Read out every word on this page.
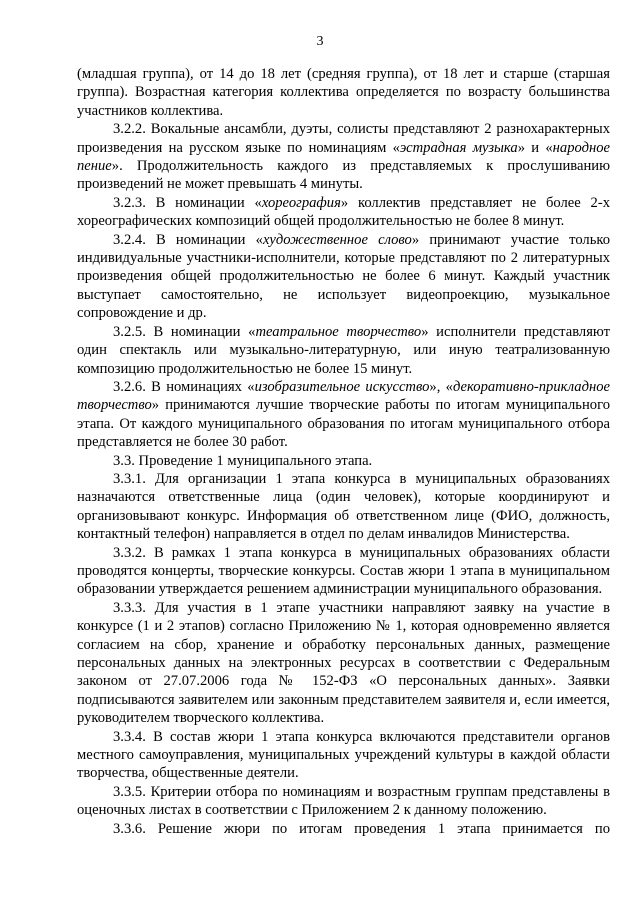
3

(младшая группа), от 14 до 18 лет (средняя группа), от 18 лет и старше (старшая группа). Возрастная категория коллектива определяется по возрасту большинства участников коллектива.

3.2.2. Вокальные ансамбли, дуэты, солисты представляют 2 разнохарактерных произведения на русском языке по номинациям «эстрадная музыка» и «народное пение». Продолжительность каждого из представляемых к прослушиванию произведений не может превышать 4 минуты.

3.2.3. В номинации «хореография» коллектив представляет не более 2-х хореографических композиций общей продолжительностью не более 8 минут.

3.2.4. В номинации «художественное слово» принимают участие только индивидуальные участники-исполнители, которые представляют по 2 литературных произведения общей продолжительностью не более 6 минут. Каждый участник выступает самостоятельно, не использует видеопроекцию, музыкальное сопровождение и др.

3.2.5. В номинации «театральное творчество» исполнители представляют один спектакль или музыкально-литературную, или иную театрализованную композицию продолжительностью не более 15 минут.

3.2.6. В номинациях «изобразительное искусство», «декоративно-прикладное творчество» принимаются лучшие творческие работы по итогам муниципального этапа. От каждого муниципального образования по итогам муниципального отбора представляется не более 30 работ.

3.3. Проведение 1 муниципального этапа.

3.3.1. Для организации 1 этапа конкурса в муниципальных образованиях назначаются ответственные лица (один человек), которые координируют и организовывают конкурс. Информация об ответственном лице (ФИО, должность, контактный телефон) направляется в отдел по делам инвалидов Министерства.

3.3.2. В рамках 1 этапа конкурса в муниципальных образованиях области проводятся концерты, творческие конкурсы. Состав жюри 1 этапа в муниципальном образовании утверждается решением администрации муниципального образования.

3.3.3. Для участия в 1 этапе участники направляют заявку на участие в конкурсе (1 и 2 этапов) согласно Приложению № 1, которая одновременно является согласием на сбор, хранение и обработку персональных данных, размещение персональных данных на электронных ресурсах в соответствии с Федеральным законом от 27.07.2006 года № 152-ФЗ «О персональных данных». Заявки подписываются заявителем или законным представителем заявителя и, если имеется, руководителем творческого коллектива.

3.3.4. В состав жюри 1 этапа конкурса включаются представители органов местного самоуправления, муниципальных учреждений культуры в каждой области творчества, общественные деятели.

3.3.5. Критерии отбора по номинациям и возрастным группам представлены в оценочных листах в соответствии с Приложением 2 к данному положению.

3.3.6. Решение жюри по итогам проведения 1 этапа принимается по
